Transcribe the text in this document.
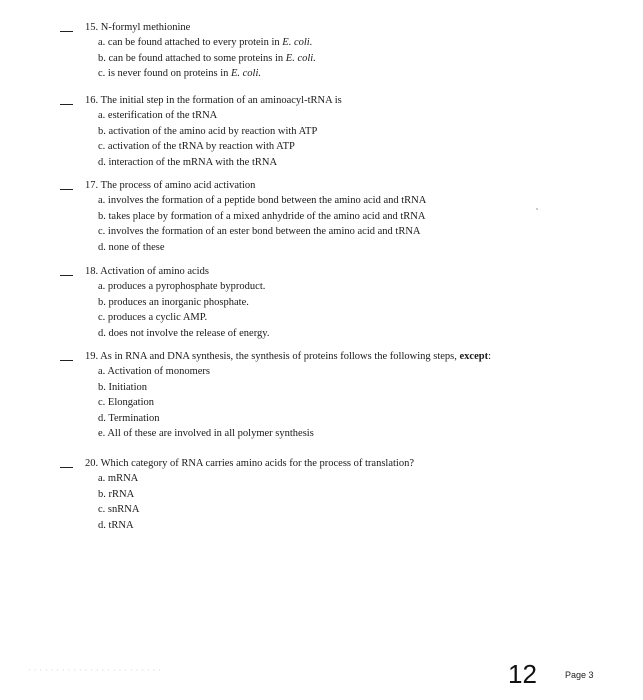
15. N-formyl methionine
a. can be found attached to every protein in E. coli.
b. can be found attached to some proteins in E. coli.
c. is never found on proteins in E. coli.
16. The initial step in the formation of an aminoacyl-tRNA is
a. esterification of the tRNA
b. activation of the amino acid by reaction with ATP
c. activation of the tRNA by reaction with ATP
d. interaction of the mRNA with the tRNA
17. The process of amino acid activation
a. involves the formation of a peptide bond between the amino acid and tRNA
b. takes place by formation of a mixed anhydride of the amino acid and tRNA
c. involves the formation of an ester bond between the amino acid and tRNA
d. none of these
18. Activation of amino acids
a. produces a pyrophosphate byproduct.
b. produces an inorganic phosphate.
c. produces a cyclic AMP.
d. does not involve the release of energy.
19. As in RNA and DNA synthesis, the synthesis of proteins follows the following steps, except:
a. Activation of monomers
b. Initiation
c. Elongation
d. Termination
e. All of these are involved in all polymer synthesis
20. Which category of RNA carries amino acids for the process of translation?
a. mRNA
b. rRNA
c. snRNA
d. tRNA
· · · · · · · · · · · · · · · · · · · · · · · ·	12	Page 3
